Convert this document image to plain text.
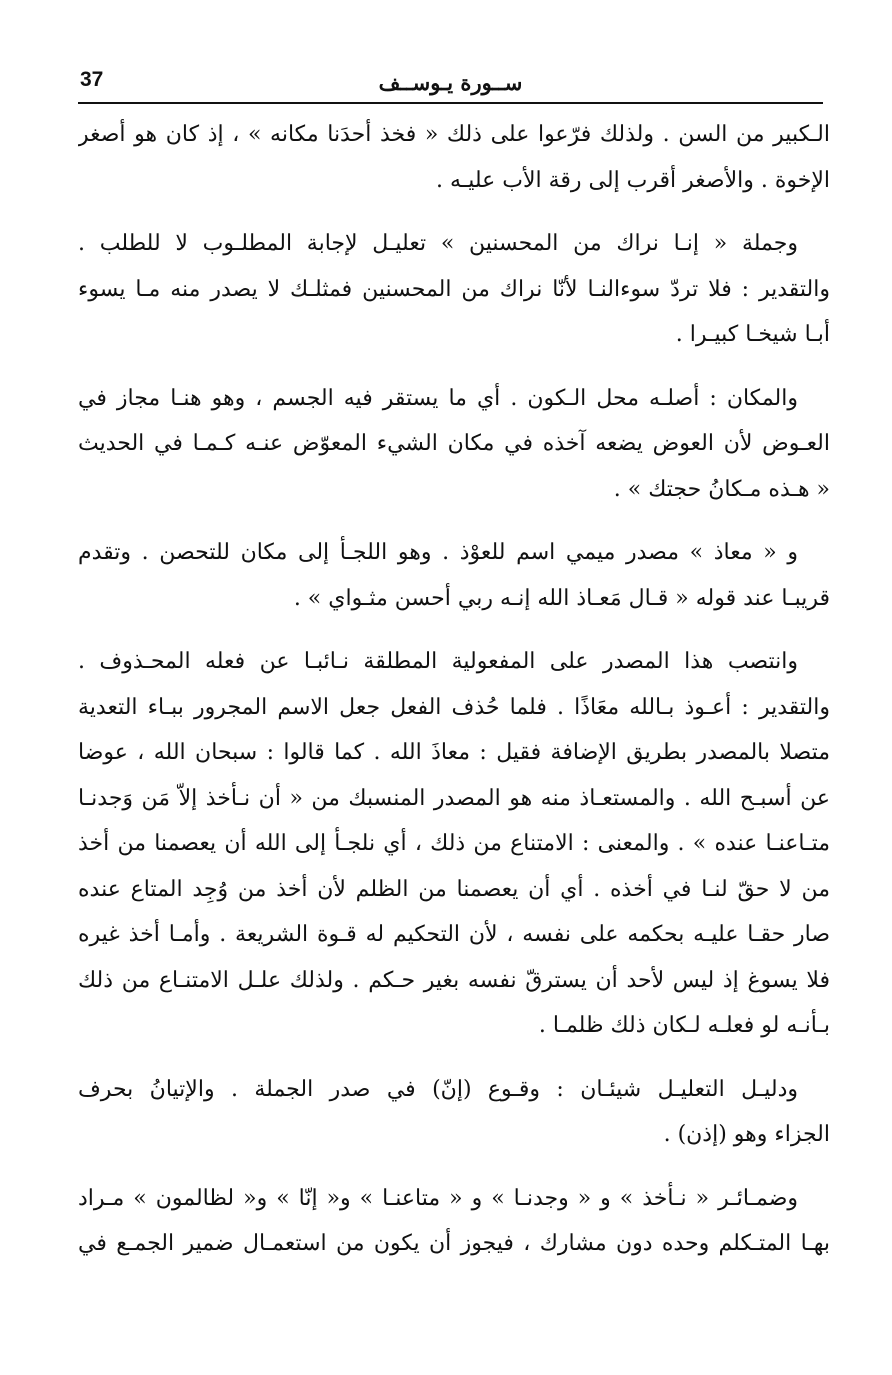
37	ســورة يـوســف
الـكبير من السن . ولذلك فرّعوا على ذلك « فخذ أحدَنا مكانه » ، إذ كان هو أصغر
الإخوة . والأصغر أقرب إلى رقة الأب عليـه .
وجملة « إنـا نراك من المحسنين » تعليـل لإجابة المطلـوب لا للطلب .
والتقدير : فلا تردّ سوءالنـا لأنّا نراك من المحسنين فمثلـك لا يصدر منه مـا يسوء
أبـا شيخـا كبيـرا .
والمكان : أصلـه محل الـكون . أي ما يستقر فيه الجسم ، وهو هنـا مجاز في
العـوض لأن العوض يضعه آخذه في مكان الشيء المعوّض عنـه كـمـا في الحديث
« هـذه مـكانُ حجتك » .
و « معاذ » مصدر ميمي اسم للعوْذ . وهو اللجـأ إلى مكان للتحصن . وتقدم
قريبـا عند قوله « قـال مَعـاذ الله إنـه ربي أحسن مثـواي » .
وانتصب هذا المصدر على المفعولية المطلقة نـائبـا عن فعله المحـذوف .
والتقدير : أعـوذ بـالله معَاذًا . فلما حُذف الفعل جعل الاسم المجرور ببـاء التعدية
متصلا بالمصدر بطريق الإضافة فقيل : معاذَ الله . كما قالوا : سبحان الله ، عوضا
عن أسبـح الله . والمستعـاذ منه هو المصدر المنسبك من « أن نـأخذ إلاّ مَن وَجدنـا
متـاعنـا عنده » . والمعنى : الامتناع من ذلك ، أي نلجـأ إلى الله أن يعصمنا من أخذ
من لا حقّ لنـا في أخذه . أي أن يعصمنا من الظلم لأن أخذ من وُجِد المتاع عنده
صار حقـا عليـه بحكمه على نفسه ، لأن التحكيم له قـوة الشريعة . وأمـا أخذ غيره
فلا يسوغ إذ ليس لأحد أن يسترقّ نفسه بغير حـكم . ولذلك علـل الامتنـاع من ذلك
بـأنـه لو فعلـه لـكان ذلك ظلمـا .
ودليـل التعليـل شيئـان : وقـوع (إنّ) في صدر الجملة . والإتيانُ بحرف
الجزاء وهو (إذن) .
وضمـائـر « نـأخذ » و « وجدنـا » و « متاعنـا » و« إنّا » و« لظالمون » مـراد
بهـا المتـكلم وحده دون مشارك ، فيجوز أن يكون من استعمـال ضمير الجمـع في
